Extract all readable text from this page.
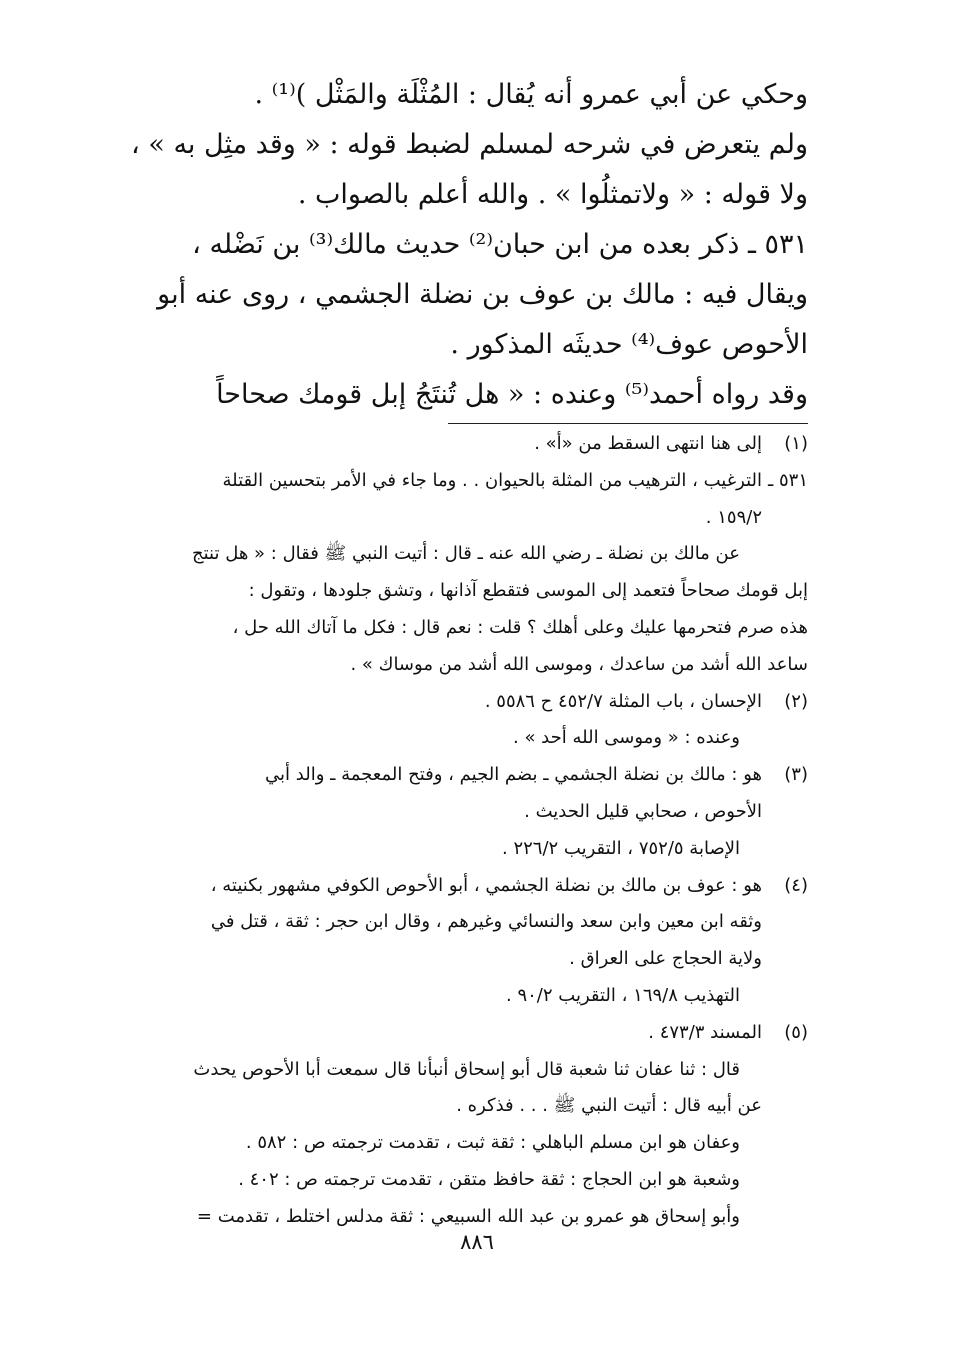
وحكي عن أبي عمرو أنه يُقال : المُثْلَة والمَثْل )⁽¹⁾ .

ولم يتعرض في شرحه لمسلم لضبط قوله : « وقد مثِل به » ،

ولا قوله : « ولاتمثلُوا » . والله أعلم بالصواب .

٥٣١ ـ ذكر بعده من ابن حبان⁽²⁾ حديث مالك⁽³⁾ بن نَضْله ،

ويقال فيه : مالك بن عوف بن نضلة الجشمي ، روى عنه أبو

الأحوص عوف⁽⁴⁾ حديثَه المذكور .

وقد رواه أحمد⁽⁵⁾ وعنده : « هل تُنتَجُ إبل قومك صحاحاً

(١)
إلى هنا انتهى السقط من «أ» .
٥٣١ ـ
الترغيب ، الترهيب من المثلة بالحيوان . . وما جاء في الأمر بتحسين القتلة
١٥٩/٢ .
عن مالك بن نضلة ـ رضي الله عنه ـ قال : أتيت النبي ﷺ فقال : « هل تنتج
إبل قومك صحاحاً فتعمد إلى الموسى فتقطع آذانها ، وتشق جلودها ، وتقول :
هذه صرم فتحرمها عليك وعلى أهلك ؟ قلت : نعم قال : فكل ما آتاك الله حل ،
ساعد الله أشد من ساعدك ، وموسى الله أشد من موساك » .
(٢)
الإحسان ، باب المثلة ٤٥٢/٧ ح ٥٥٨٦ .
وعنده : « وموسى الله أحد » .
(٣)
هو : مالك بن نضلة الجشمي ـ بضم الجيم ، وفتح المعجمة ـ والد أبي
الأحوص ، صحابي قليل الحديث .
الإصابة ٧٥٢/٥ ، التقريب ٢٢٦/٢ .
(٤)
هو : عوف بن مالك بن نضلة الجشمي ، أبو الأحوص الكوفي مشهور بكنيته ،
وثقه ابن معين وابن سعد والنسائي وغيرهم ، وقال ابن حجر : ثقة ، قتل في
ولاية الحجاج على العراق .
التهذيب ١٦٩/٨ ، التقريب ٩٠/٢ .
(٥)
المسند ٤٧٣/٣ .
قال : ثنا عفان ثنا شعبة قال أبو إسحاق أنبأنا قال سمعت أبا الأحوص يحدث
عن أبيه قال : أتيت النبي ﷺ . . . فذكره .
وعفان هو ابن مسلم الباهلي : ثقة ثبت ، تقدمت ترجمته ص : ٥٨٢ .
وشعبة هو ابن الحجاج : ثقة حافظ متقن ، تقدمت ترجمته ص : ٤٠٢ .
وأبو إسحاق هو عمرو بن عبد الله السبيعي : ثقة مدلس اختلط ، تقدمت =
٨٨٦
